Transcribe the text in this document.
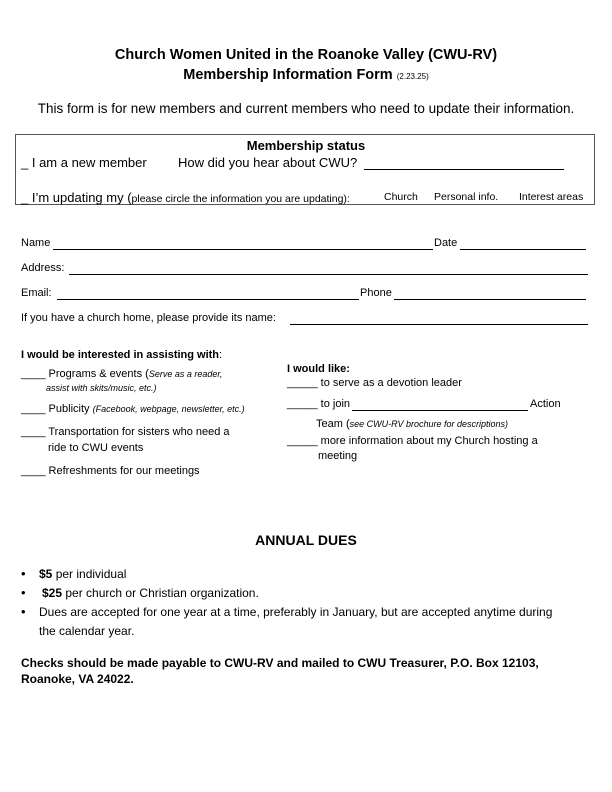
Church Women United in the Roanoke Valley (CWU-RV)
Membership Information Form (2.23.25)
This form is for new members and current members who need to update their information.
Membership status
_ I am a new member How did you hear about CWU?
_ I’m updating my (please circle the information you are updating):	Church Personal info. Interest areas
Name	Date
Address:
Email:	Phone
If you have a church home, please provide its name:
I would be interested in assisting with:
____ Programs & events (Serve as a reader,
assist with skits/music, etc.)
____ Publicity (Facebook, webpage, newsletter, etc.)
____ Transportation for sisters who need a
ride to CWU events
____ Refreshments for our meetings
I would like:
_____ to serve as a devotion leader
_____ to join	Action
Team (see CWU-RV brochure for descriptions)
_____ more information about my Church hosting a
meeting
ANNUAL DUES
• $5 per individual
• $25 per church or Christian organization.
• Dues are accepted for one year at a time, preferably in January, but are accepted anytime during
the calendar year.
Checks should be made payable to CWU-RV and mailed to CWU Treasurer, P.O. Box 12103,
Roanoke, VA 24022.
